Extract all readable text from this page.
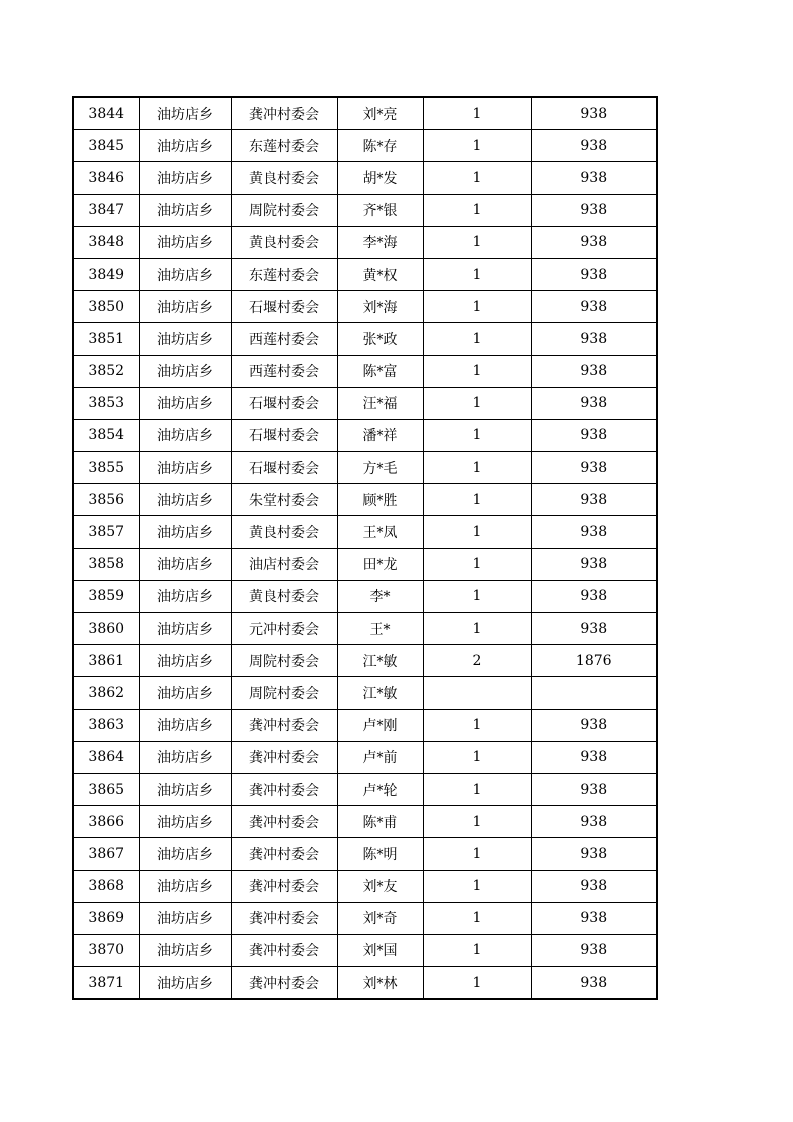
3844	油坊店乡	龚冲村委会	刘*亮	1	938
3845	油坊店乡	东莲村委会	陈*存	1	938
3846	油坊店乡	黄良村委会	胡*发	1	938
3847	油坊店乡	周院村委会	齐*银	1	938
3848	油坊店乡	黄良村委会	李*海	1	938
3849	油坊店乡	东莲村委会	黄*权	1	938
3850	油坊店乡	石堰村委会	刘*海	1	938
3851	油坊店乡	西莲村委会	张*政	1	938
3852	油坊店乡	西莲村委会	陈*富	1	938
3853	油坊店乡	石堰村委会	汪*福	1	938
3854	油坊店乡	石堰村委会	潘*祥	1	938
3855	油坊店乡	石堰村委会	方*毛	1	938
3856	油坊店乡	朱堂村委会	顾*胜	1	938
3857	油坊店乡	黄良村委会	王*凤	1	938
3858	油坊店乡	油店村委会	田*龙	1	938
3859	油坊店乡	黄良村委会	李*	1	938
3860	油坊店乡	元冲村委会	王*	1	938
3861	油坊店乡	周院村委会	江*敏	2	1876
3862	油坊店乡	周院村委会	江*敏		
3863	油坊店乡	龚冲村委会	卢*刚	1	938
3864	油坊店乡	龚冲村委会	卢*前	1	938
3865	油坊店乡	龚冲村委会	卢*轮	1	938
3866	油坊店乡	龚冲村委会	陈*甫	1	938
3867	油坊店乡	龚冲村委会	陈*明	1	938
3868	油坊店乡	龚冲村委会	刘*友	1	938
3869	油坊店乡	龚冲村委会	刘*奇	1	938
3870	油坊店乡	龚冲村委会	刘*国	1	938
3871	油坊店乡	龚冲村委会	刘*林	1	938
